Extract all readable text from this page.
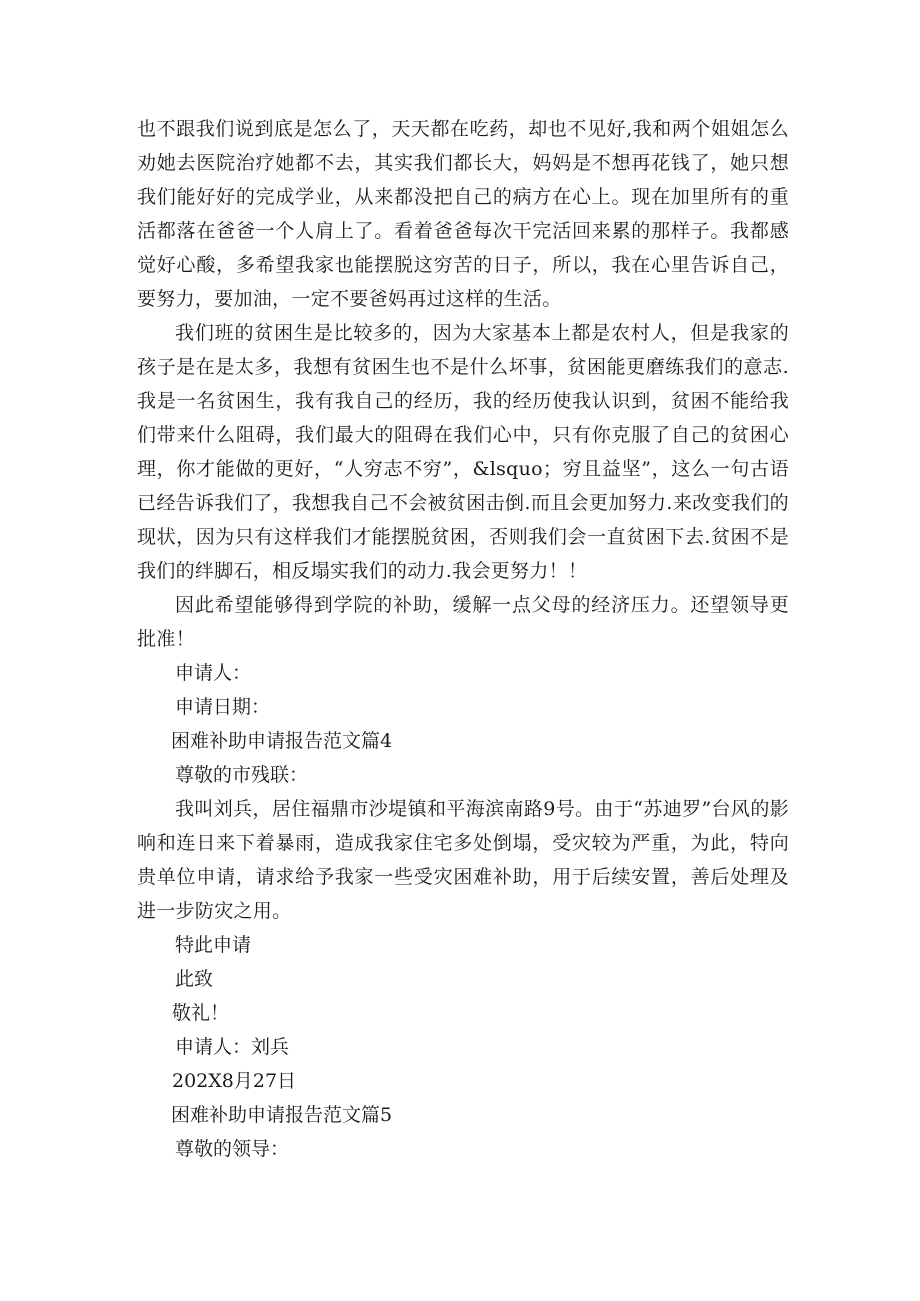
也不跟我们说到底是怎么了，天天都在吃药，却也不见好,我和两个姐姐怎么劝她去医院治疗她都不去，其实我们都长大，妈妈是不想再花钱了，她只想我们能好好的完成学业，从来都没把自己的病方在心上。现在加里所有的重活都落在爸爸一个人肩上了。看着爸爸每次干完活回来累的那样子。我都感觉好心酸，多希望我家也能摆脱这穷苦的日子，所以，我在心里告诉自己，要努力，要加油，一定不要爸妈再过这样的生活。

我们班的贫困生是比较多的，因为大家基本上都是农村人，但是我家的孩子是在是太多，我想有贫困生也不是什么坏事，贫困能更磨练我们的意志.我是一名贫困生，我有我自己的经历，我的经历使我认识到，贫困不能给我们带来什么阻碍，我们最大的阻碍在我们心中，只有你克服了自己的贫困心理，你才能做的更好，“人穷志不穷”，&lsquo；穷且益坚”，这么一句古语已经告诉我们了，我想我自己不会被贫困击倒.而且会更加努力.来改变我们的现状，因为只有这样我们才能摆脱贫困，否则我们会一直贫困下去.贫困不是我们的绊脚石，相反塌实我们的动力.我会更努力！！

因此希望能够得到学院的补助，缓解一点父母的经济压力。还望领导更批准！

申请人：

申请日期：

困难补助申请报告范文篇4

尊敬的市残联：

我叫刘兵，居住福鼎市沙堤镇和平海滨南路9号。由于“苏迪罗”台风的影响和连日来下着暴雨，造成我家住宅多处倒塌，受灾较为严重，为此，特向贵单位申请，请求给予我家一些受灾困难补助，用于后续安置，善后处理及进一步防灾之用。

特此申请

此致

敬礼！

申请人：刘兵

202X8月27日

困难补助申请报告范文篇5

尊敬的领导：
